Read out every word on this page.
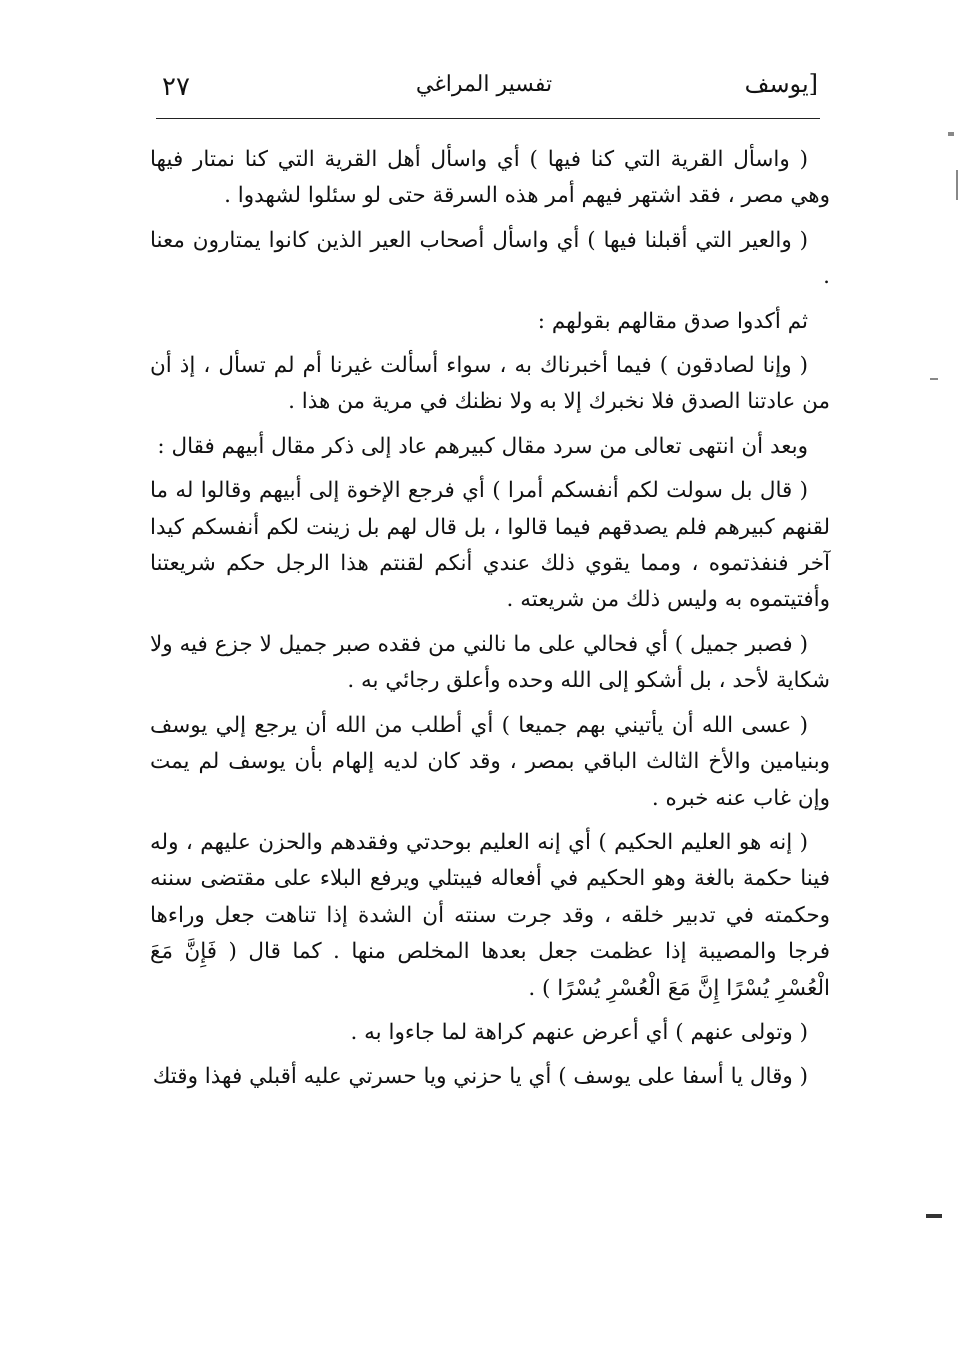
٢٧	تفسير المراغي	يوسف]

( واسأل القرية التي كنا فيها ) أي واسأل أهل القرية التي كنا نمتار فيها وهي مصر ، فقد اشتهر فيهم أمر هذه السرقة حتى لو سئلوا لشهدوا .

( والعير التي أقبلنا فيها ) أي واسأل أصحاب العير الذين كانوا يمتارون معنا .

ثم أكدوا صدق مقالهم بقولهم :

( وإنا لصادقون ) فيما أخبرناك به ، سواء أسألت غيرنا أم لم تسأل ، إذ أن من عادتنا الصدق فلا نخبرك إلا به ولا نظنك في مرية من هذا .

وبعد أن انتهى تعالى من سرد مقال كبيرهم عاد إلى ذكر مقال أبيهم فقال :

( قال بل سولت لكم أنفسكم أمرا ) أي فرجع الإخوة إلى أبيهم وقالوا له ما لقنهم كبيرهم فلم يصدقهم فيما قالوا ، بل قال لهم بل زينت لكم أنفسكم كيدا آخر فنفذتموه ، ومما يقوي ذلك عندي أنكم لقنتم هذا الرجل حكم شريعتنا وأفتيتموه به وليس ذلك من شريعته .

( فصبر جميل ) أي فحالي على ما نالني من فقده صبر جميل لا جزع فيه ولا شكاية لأحد ، بل أشكو إلى الله وحده وأعلق رجائي به .

( عسى الله أن يأتيني بهم جميعا ) أي أطلب من الله أن يرجع إلي يوسف وبنيامين والأخ الثالث الباقي بمصر ، وقد كان لديه إلهام بأن يوسف لم يمت وإن غاب عنه خبره .

( إنه هو العليم الحكيم ) أي إنه العليم بوحدتي وفقدهم والحزن عليهم ، وله فينا حكمة بالغة وهو الحكيم في أفعاله فيبتلي ويرفع البلاء على مقتضى سننه وحكمته في تدبير خلقه ، وقد جرت سنته أن الشدة إذا تناهت جعل وراءها فرجا والمصيبة إذا عظمت جعل بعدها المخلص منها . كما قال ( فَإِنَّ مَعَ الْعُسْرِ يُسْرًا إِنَّ مَعَ الْعُسْرِ يُسْرًا ) .

( وتولى عنهم ) أي أعرض عنهم كراهة لما جاءوا به .

( وقال يا أسفا على يوسف ) أي يا حزني ويا حسرتي عليه أقبلي فهذا وقتك
